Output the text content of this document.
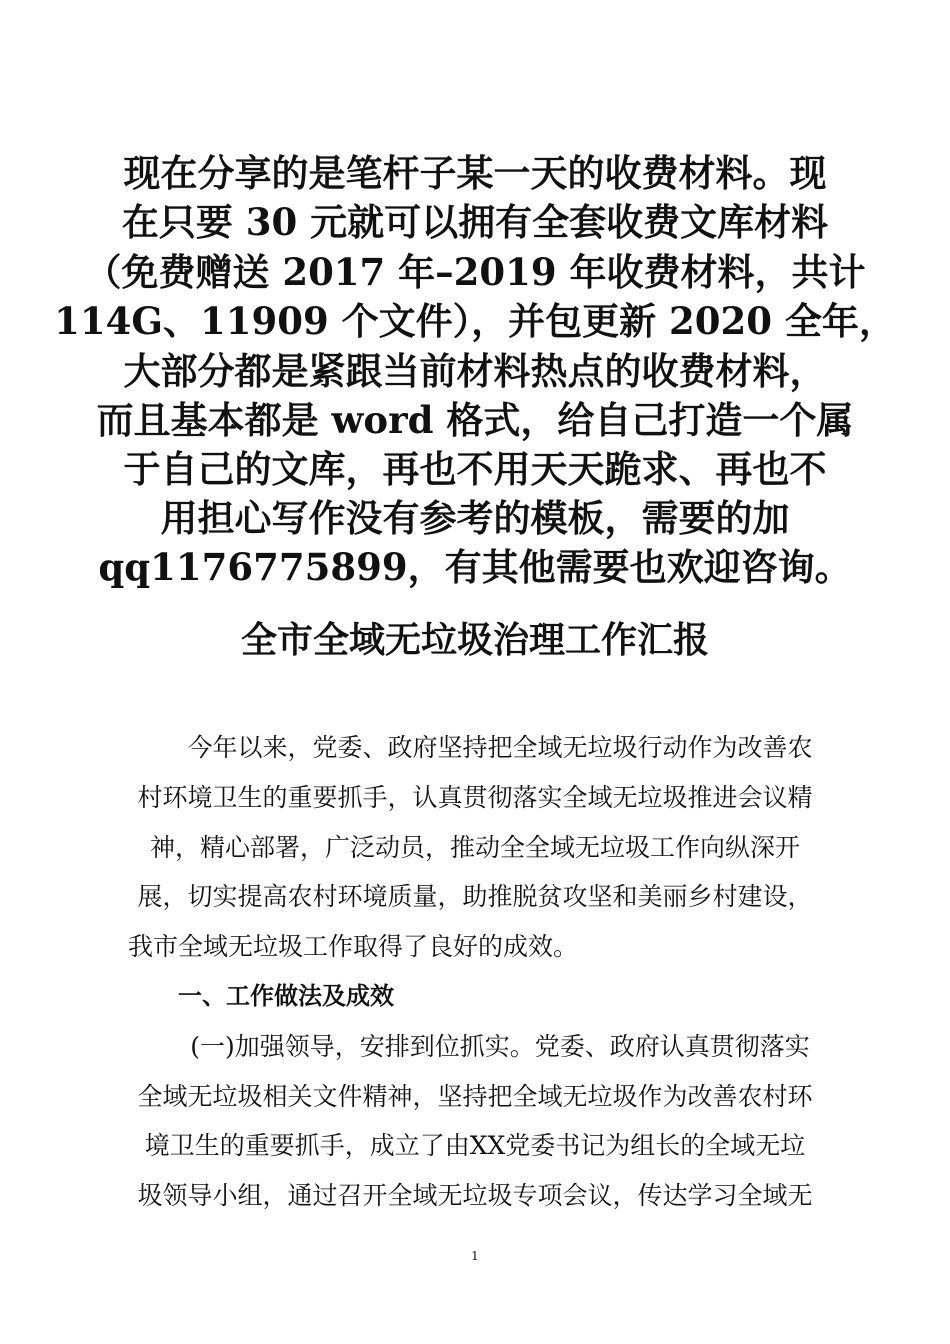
现在分享的是笔杆子某一天的收费材料。现
在只要 30 元就可以拥有全套收费文库材料
（免费赠送 2017 年–2019 年收费材料，共计
114G、11909 个文件），并包更新 2020 全年，
大部分都是紧跟当前材料热点的收费材料，
而且基本都是 word 格式，给自己打造一个属
于自己的文库，再也不用天天跪求、再也不
用担心写作没有参考的模板，需要的加
qq1176775899，有其他需要也欢迎咨询。
全市全域无垃圾治理工作汇报
　　今年以来，党委、政府坚持把全域无垃圾行动作为改善农
村环境卫生的重要抓手，认真贯彻落实全域无垃圾推进会议精
神，精心部署，广泛动员，推动全全域无垃圾工作向纵深开
展，切实提高农村环境质量，助推脱贫攻坚和美丽乡村建设，
我市全域无垃圾工作取得了良好的成效。
一、工作做法及成效
　　(一)加强领导，安排到位抓实。党委、政府认真贯彻落实
全域无垃圾相关文件精神，坚持把全域无垃圾作为改善农村环
境卫生的重要抓手，成立了由XX党委书记为组长的全域无垃
圾领导小组，通过召开全域无垃圾专项会议，传达学习全域无
1
